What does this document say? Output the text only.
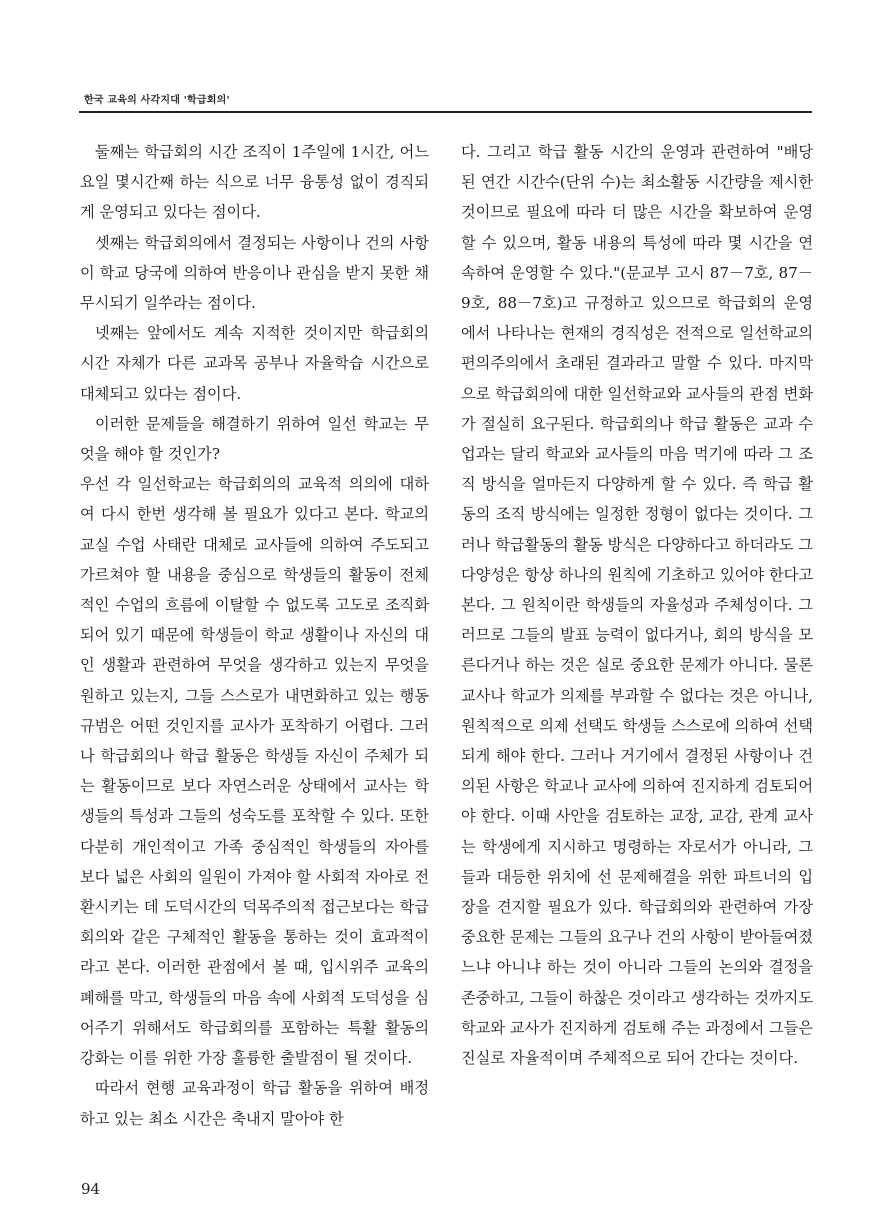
한국 교육의 사각지대 '학급회의'

둘째는 학급회의 시간 조직이 1주일에 1시간, 어느 요일 몇시간째 하는 식으로 너무 융통성 없이 경직되게 운영되고 있다는 점이다.

셋째는 학급회의에서 결정되는 사항이나 건의 사항이 학교 당국에 의하여 반응이나 관심을 받지 못한 채 무시되기 일쑤라는 점이다.

넷째는 앞에서도 계속 지적한 것이지만 학급회의 시간 자체가 다른 교과목 공부나 자율학습 시간으로 대체되고 있다는 점이다.

이러한 문제들을 해결하기 위하여 일선 학교는 무엇을 해야 할 것인가?

우선 각 일선학교는 학급회의의 교육적 의의에 대하여 다시 한번 생각해 볼 필요가 있다고 본다. 학교의 교실 수업 사태란 대체로 교사들에 의하여 주도되고 가르쳐야 할 내용을 중심으로 학생들의 활동이 전체적인 수업의 흐름에 이탈할 수 없도록 고도로 조직화되어 있기 때문에 학생들이 학교 생활이나 자신의 대인 생활과 관련하여 무엇을 생각하고 있는지 무엇을 원하고 있는지, 그들 스스로가 내면화하고 있는 행동 규범은 어떤 것인지를 교사가 포착하기 어렵다. 그러나 학급회의나 학급 활동은 학생들 자신이 주체가 되는 활동이므로 보다 자연스러운 상태에서 교사는 학생들의 특성과 그들의 성숙도를 포착할 수 있다. 또한 다분히 개인적이고 가족 중심적인 학생들의 자아를 보다 넓은 사회의 일원이 가져야 할 사회적 자아로 전환시키는 데 도덕시간의 덕목주의적 접근보다는 학급회의와 같은 구체적인 활동을 통하는 것이 효과적이라고 본다. 이러한 관점에서 볼 때, 입시위주 교육의 폐해를 막고, 학생들의 마음 속에 사회적 도덕성을 심어주기 위해서도 학급회의를 포함하는 특활 활동의 강화는 이를 위한 가장 훌륭한 출발점이 될 것이다.

따라서 현행 교육과정이 학급 활동을 위하여 배정하고 있는 최소 시간은 축내지 말아야 한

다. 그리고 학급 활동 시간의 운영과 관련하여 "배당된 연간 시간수(단위 수)는 최소활동 시간량을 제시한 것이므로 필요에 따라 더 많은 시간을 확보하여 운영할 수 있으며, 활동 내용의 특성에 따라 몇 시간을 연속하여 운영할 수 있다."(문교부 고시 87－7호, 87－9호, 88－7호)고 규정하고 있으므로 학급회의 운영에서 나타나는 현재의 경직성은 전적으로 일선학교의 편의주의에서 초래된 결과라고 말할 수 있다. 마지막으로 학급회의에 대한 일선학교와 교사들의 관점 변화가 절실히 요구된다. 학급회의나 학급 활동은 교과 수업과는 달리 학교와 교사들의 마음 먹기에 따라 그 조직 방식을 얼마든지 다양하게 할 수 있다. 즉 학급 활동의 조직 방식에는 일정한 정형이 없다는 것이다. 그러나 학급활동의 활동 방식은 다양하다고 하더라도 그 다양성은 항상 하나의 원칙에 기초하고 있어야 한다고 본다. 그 원칙이란 학생들의 자율성과 주체성이다. 그러므로 그들의 발표 능력이 없다거나, 회의 방식을 모른다거나 하는 것은 실로 중요한 문제가 아니다. 물론 교사나 학교가 의제를 부과할 수 없다는 것은 아니나, 원칙적으로 의제 선택도 학생들 스스로에 의하여 선택되게 해야 한다. 그러나 거기에서 결정된 사항이나 건의된 사항은 학교나 교사에 의하여 진지하게 검토되어야 한다. 이때 사안을 검토하는 교장, 교감, 관계 교사는 학생에게 지시하고 명령하는 자로서가 아니라, 그들과 대등한 위치에 선 문제해결을 위한 파트너의 입장을 견지할 필요가 있다. 학급회의와 관련하여 가장 중요한 문제는 그들의 요구나 건의 사항이 받아들여졌느냐 아니냐 하는 것이 아니라 그들의 논의와 결정을 존중하고, 그들이 하찮은 것이라고 생각하는 것까지도 학교와 교사가 진지하게 검토해 주는 과정에서 그들은 진실로 자율적이며 주체적으로 되어 간다는 것이다.

94
